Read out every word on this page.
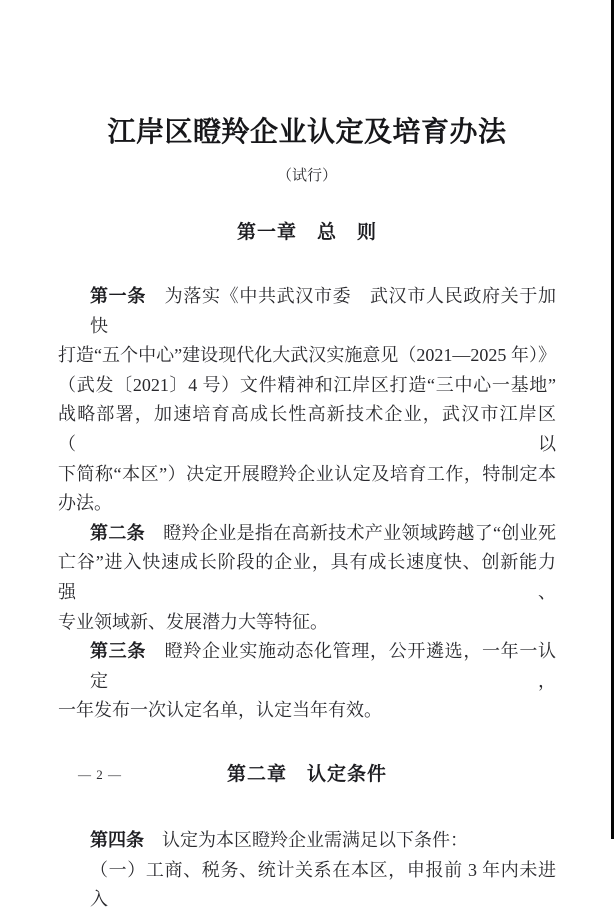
江岸区瞪羚企业认定及培育办法
（试行）
第一章　总　则
第一条　为落实《中共武汉市委　武汉市人民政府关于加快
打造“五个中心”建设现代化大武汉实施意见（2021—2025 年）》
（武发〔2021〕4 号）文件精神和江岸区打造“三中心一基地”
战略部署，加速培育高成长性高新技术企业，武汉市江岸区（以
下简称“本区”）决定开展瞪羚企业认定及培育工作，特制定本
办法。
第二条　瞪羚企业是指在高新技术产业领域跨越了“创业死
亡谷”进入快速成长阶段的企业，具有成长速度快、创新能力强、
专业领域新、发展潜力大等特征。
第三条　瞪羚企业实施动态化管理，公开遴选，一年一认定，
一年发布一次认定名单，认定当年有效。
第二章　认定条件
第四条　认定为本区瞪羚企业需满足以下条件：
（一）工商、税务、统计关系在本区，申报前 3 年内未进入
— 2 —
